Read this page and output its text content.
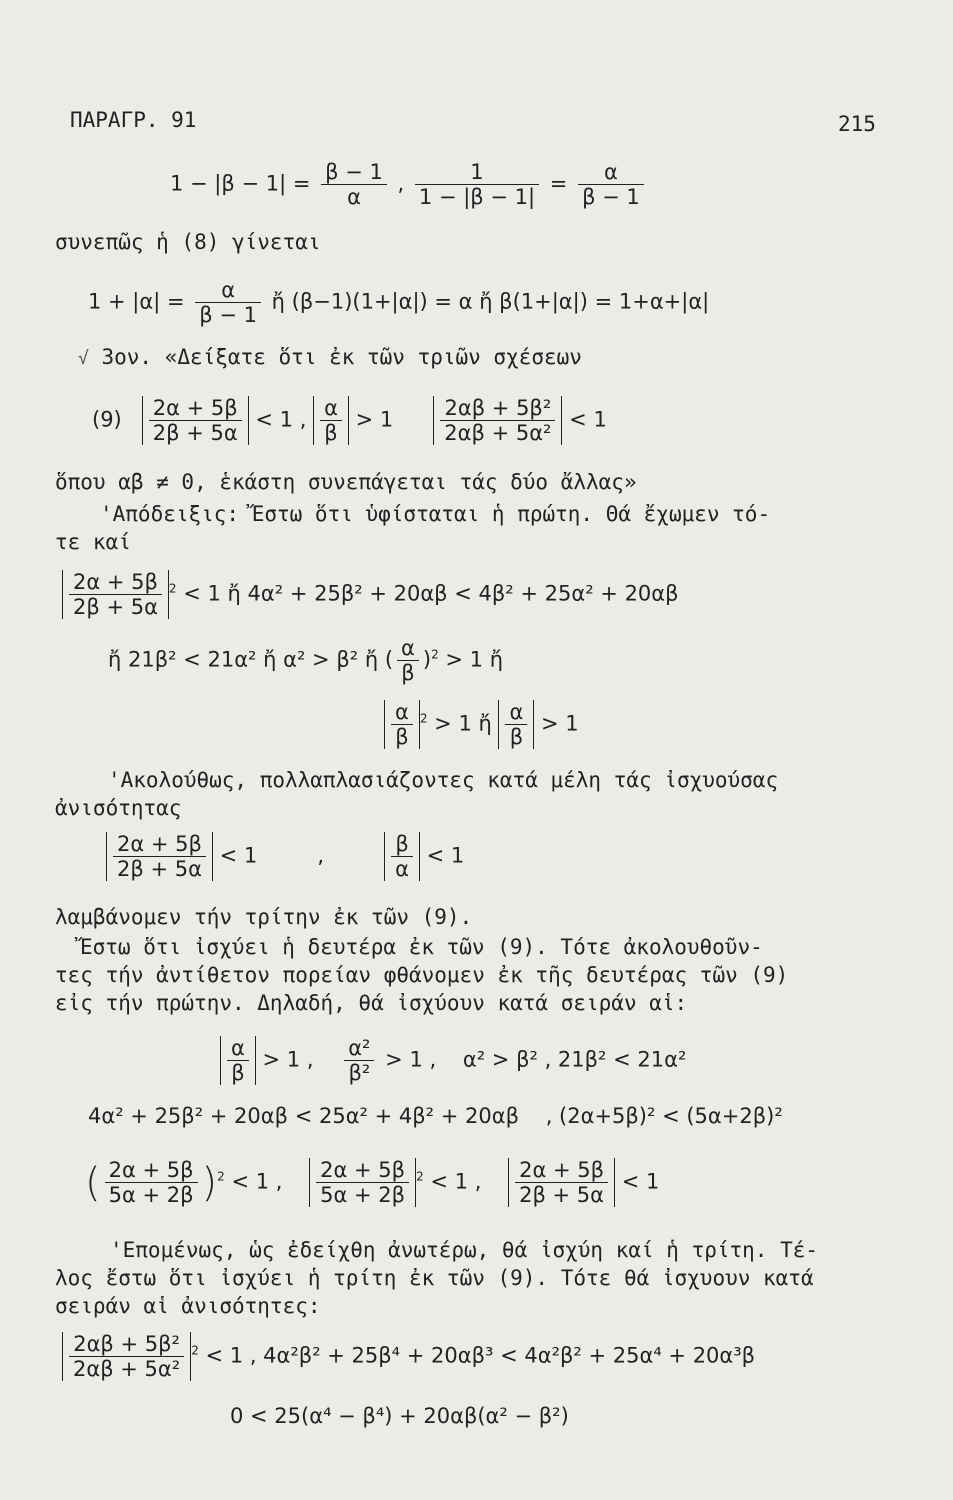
ΠΑΡΑΓΡ. 91	215
$1 - |\beta - 1| = \frac{\beta - 1}{\alpha}$ , $\frac{1}{1 - |\beta - 1|} = \frac{\alpha}{\beta - 1}$
συνεπῶς ἡ (8) γίνεται
$1 + |\alpha| = \frac{\alpha}{\beta - 1}$ ἤ (β−1)(1+|α|) = α ἤ β(1+|α|) = 1+α+|α|
√ 3ον. «Δείξατε ὅτι ἐκ τῶν τριῶν σχέσεων
$(9) \frac{2\alpha + 5\beta}{2\beta + 5\alpha} < 1$ , $\frac{\alpha}{\beta} > 1 \frac{\text{2αβ + 5β²}}{\text{2αβ + 5α²}} < 1$
ὅπου αβ ≠ 0, ἑκάστη συνεπάγεται τάς δύο ἄλλας»
'Απόδειξις: Ἔστω ὅτι ὑφίσταται ἡ πρώτη. Θά ἔχωμεν τό-
τε καί
$\frac{2\alpha + 5\beta}{2\beta + 5\alpha} ^2 < 1$ ἤ 4α² + 25β² + 20αβ < 4β² + 25α² + 20αβ
ἤ 21β² < 21α² ἤ α² > β² ἤ ( $\frac{\alpha}{\beta} )^2 > 1$ ἤ
$\frac{\alpha}{\beta} ^2 > 1$ ἤ $\frac{\alpha}{\beta} > 1$
'Ακολούθως, πολλαπλασιάζοντες κατά μέλη τάς ἰσχυούσας
ἀνισότητας
$\frac{2\alpha + 5\beta}{2\beta + 5\alpha} < 1$	,	$\frac{\beta}{\alpha} < 1$
λαμβάνομεν τήν τρίτην ἐκ τῶν (9).
Ἔστω ὅτι ἰσχύει ἡ δευτέρα ἐκ τῶν (9). Τότε ἀκολουθοῦν-
τες τήν ἀντίθετον πορείαν φθάνομεν ἐκ τῆς δευτέρας τῶν (9)
εἰς τήν πρώτην. Δηλαδή, θά ἰσχύουν κατά σειράν αἱ:
$\frac{\alpha}{\beta} > 1$ , $\frac{\text{α²}}{\text{β²}} > 1$ , α² > β² , 21β² < 21α²
4α² + 25β² + 20αβ < 25α² + 4β² + 20αβ , (2α+5β)² < (5α+2β)²
( $\frac{2\alpha + 5\beta}{5\alpha + 2\beta} )^2 < 1$ , $\frac{2\alpha + 5\beta}{5\alpha + 2\beta} ^2 < 1$ , $\frac{2\alpha + 5\beta}{2\beta + 5\alpha} < 1$
'Επομένως, ὡς ἐδείχθη ἀνωτέρω, θά ἰσχύη καί ἡ τρίτη. Τέ-
λος ἔστω ὅτι ἰσχύει ἡ τρίτη ἐκ τῶν (9). Τότε θά ἰσχυουν κατά
σειράν αἱ ἀνισότητες:
$\frac{\text{2αβ + 5β²}}{\text{2αβ + 5α²}} ^2 < 1$ , 4α²β² + 25β⁴ + 20αβ³ < 4α²β² + 25α⁴ + 20α³β
0 < 25(α⁴ − β⁴) + 20αβ(α² − β²)
